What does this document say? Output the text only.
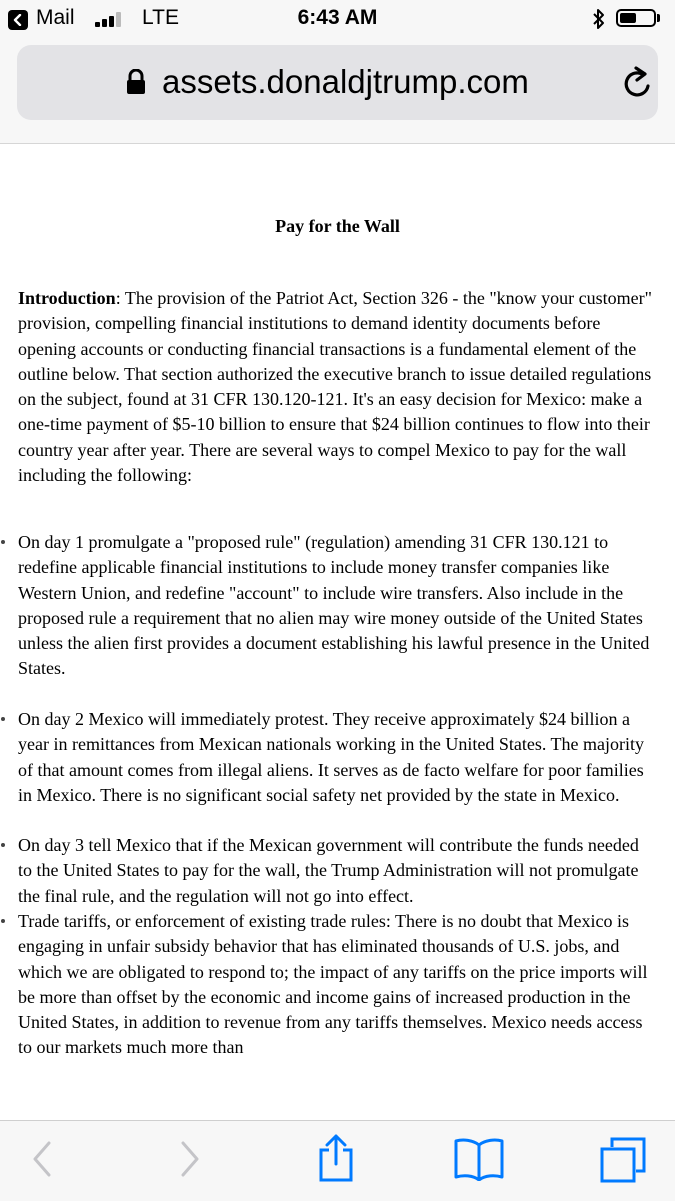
Mail	LTE	6:43 AM
assets.donaldjtrump.com
Pay for the Wall
Introduction: The provision of the Patriot Act, Section 326 - the "know your customer" provision, compelling financial institutions to demand identity documents before opening accounts or conducting financial transactions is a fundamental element of the outline below. That section authorized the executive branch to issue detailed regulations on the subject, found at 31 CFR 130.120-121. It's an easy decision for Mexico: make a one-time payment of $5-10 billion to ensure that $24 billion continues to flow into their country year after year. There are several ways to compel Mexico to pay for the wall including the following:
On day 1 promulgate a "proposed rule" (regulation) amending 31 CFR 130.121 to redefine applicable financial institutions to include money transfer companies like Western Union, and redefine "account" to include wire transfers. Also include in the proposed rule a requirement that no alien may wire money outside of the United States unless the alien first provides a document establishing his lawful presence in the United States.
On day 2 Mexico will immediately protest. They receive approximately $24 billion a year in remittances from Mexican nationals working in the United States. The majority of that amount comes from illegal aliens. It serves as de facto welfare for poor families in Mexico. There is no significant social safety net provided by the state in Mexico.
On day 3 tell Mexico that if the Mexican government will contribute the funds needed to the United States to pay for the wall, the Trump Administration will not promulgate the final rule, and the regulation will not go into effect.
Trade tariffs, or enforcement of existing trade rules: There is no doubt that Mexico is engaging in unfair subsidy behavior that has eliminated thousands of U.S. jobs, and which we are obligated to respond to; the impact of any tariffs on the price imports will be more than offset by the economic and income gains of increased production in the United States, in addition to revenue from any tariffs themselves. Mexico needs access to our markets much more than
